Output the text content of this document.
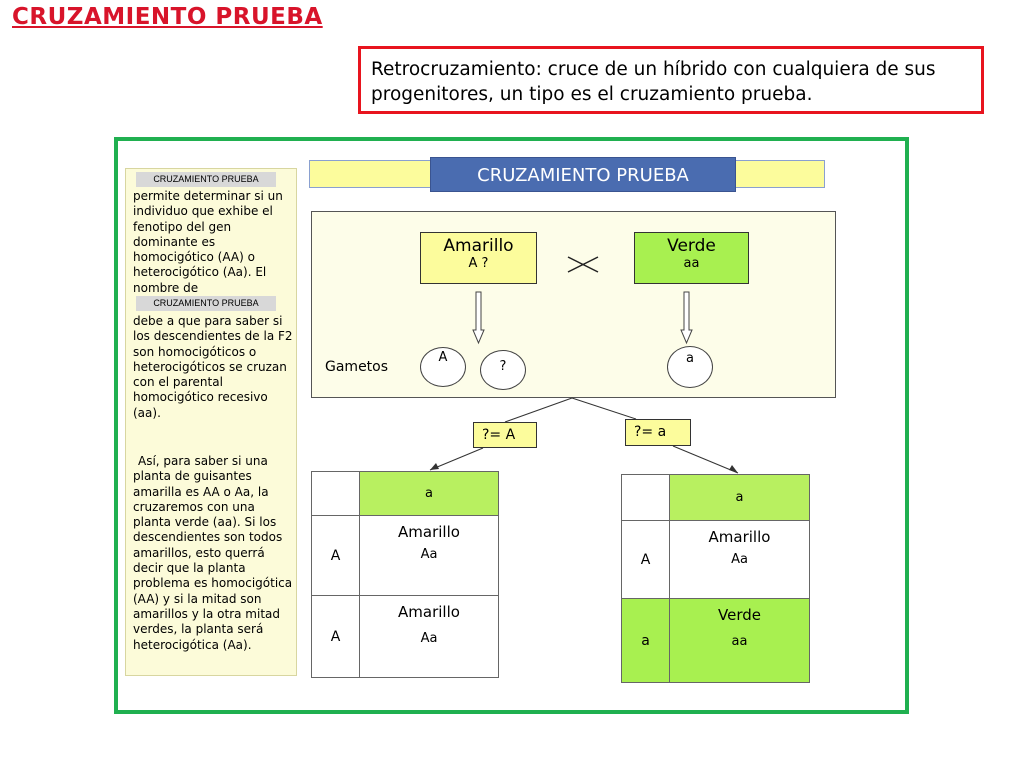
CRUZAMIENTO PRUEBA
Retrocruzamiento: cruce de un híbrido con cualquiera de sus progenitores, un tipo es el cruzamiento prueba.
CRUZAMIENTO PRUEBA
permite determinar si un individuo que exhibe el fenotipo del gen dominante es homocigótico (AA) o heterocigótico (Aa). El nombre de
CRUZAMIENTO PRUEBA
debe a que para saber si los descendientes de la F2 son homocigóticos o heterocigóticos se cruzan con el parental homocigótico recesivo (aa).
Así, para saber si una planta de guisantes amarilla es AA o Aa, la cruzaremos con una planta verde (aa). Si los descendientes son todos amarillos, esto querrá decir que la planta problema es homocigótica (AA) y si la mitad son amarillos y la otra mitad verdes, la planta será heterocigótica (Aa).
CRUZAMIENTO PRUEBA
Amarillo
A ?
Verde
aa
Gametos
A
?
a
?= A	?= a
	a
A	Amarillo
Aa

A	Amarillo
Aa
	a
A	Amarillo
Aa

a	Verde
aa
